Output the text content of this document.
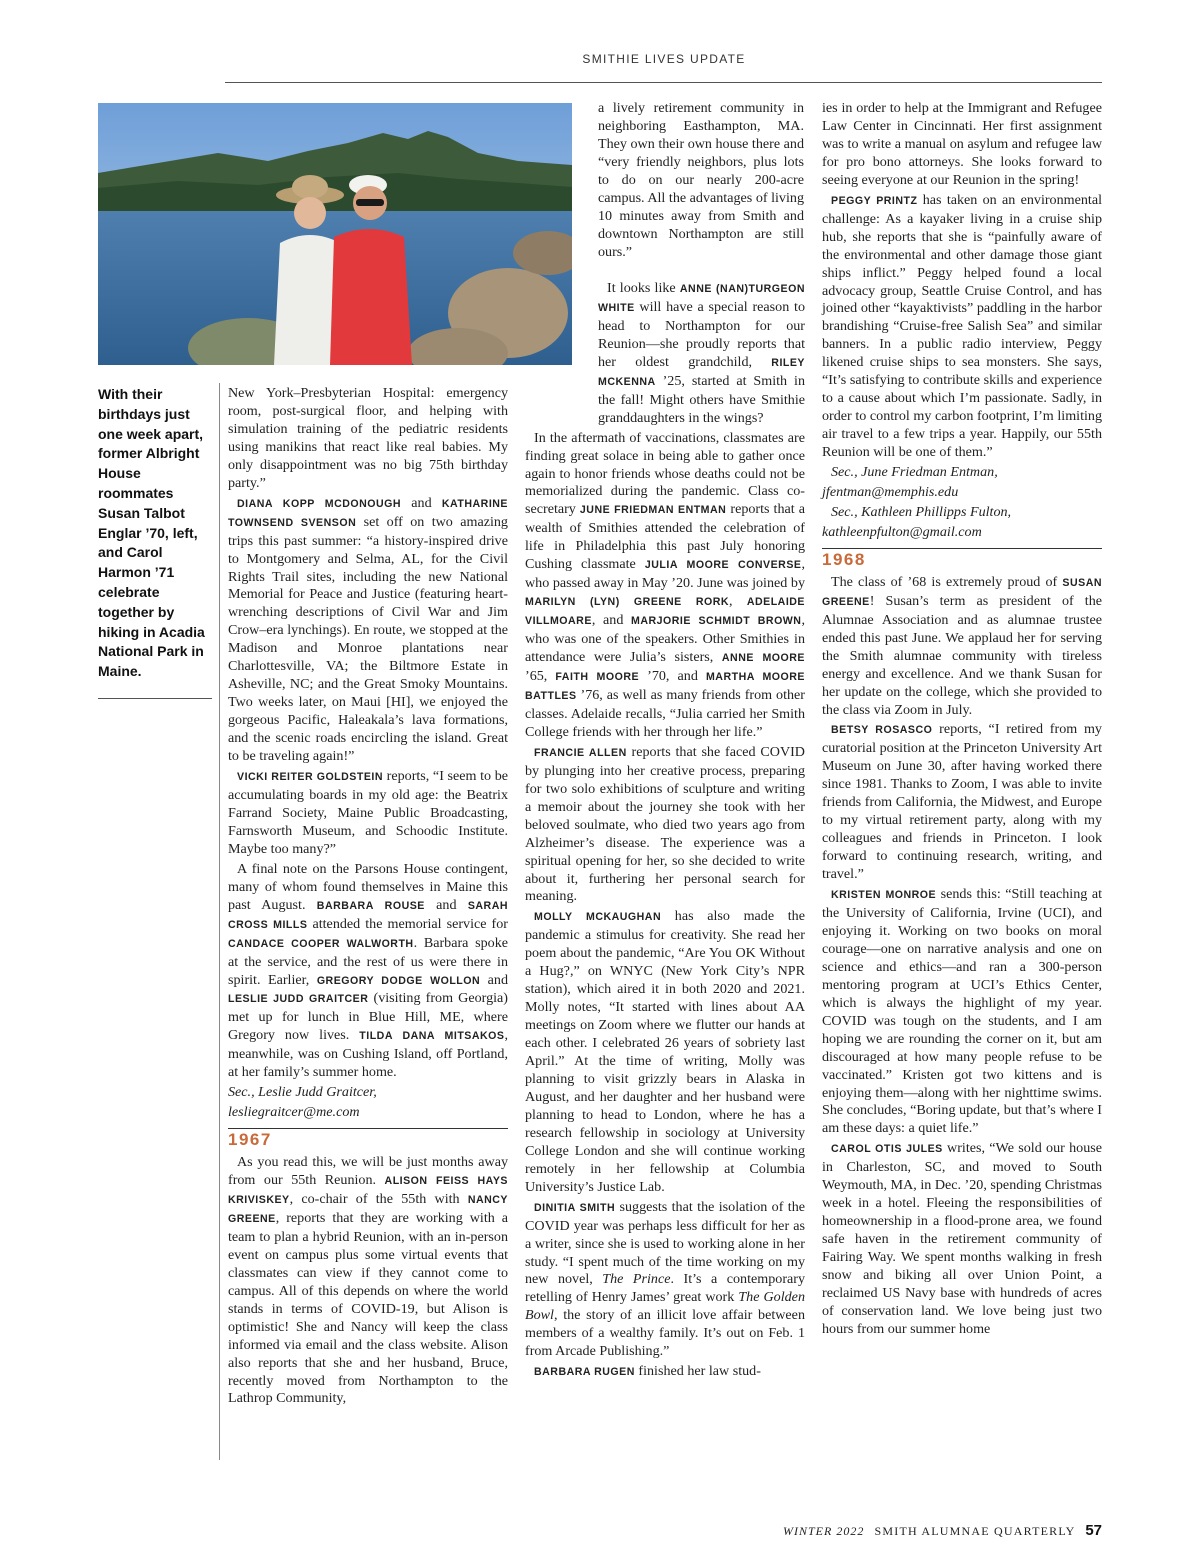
SMITHIE LIVES UPDATE
With their birthdays just one week apart, former Albright House roommates Susan Talbot Englar ’70, left, and Carol Harmon ’71 celebrate together by hiking in Acadia National Park in Maine.

New York–Presbyterian Hospital: emergency room, post-surgical floor, and helping with simulation training of the pediatric residents using manikins that react like real babies. My only disappointment was no big 75th birthday party.”

DIANA KOPP MCDONOUGH and KATHARINE TOWNSEND SVENSON set off on two amazing trips this past summer: “a history-inspired drive to Montgomery and Selma, AL, for the Civil Rights Trail sites, including the new National Memorial for Peace and Justice (featuring heart-wrenching descriptions of Civil War and Jim Crow–era lynchings). En route, we stopped at the Madison and Monroe plantations near Charlottesville, VA; the Biltmore Estate in Asheville, NC; and the Great Smoky Mountains. Two weeks later, on Maui [HI], we enjoyed the gorgeous Pacific, Haleakala’s lava formations, and the scenic roads encircling the island. Great to be traveling again!”

VICKI REITER GOLDSTEIN reports, “I seem to be accumulating boards in my old age: the Beatrix Farrand Society, Maine Public Broadcasting, Farnsworth Museum, and Schoodic Institute. Maybe too many?”

A final note on the Parsons House contingent, many of whom found themselves in Maine this past August. BARBARA ROUSE and SARAH CROSS MILLS attended the memorial service for CANDACE COOPER WALWORTH. Barbara spoke at the service, and the rest of us were there in spirit. Earlier, GREGORY DODGE WOLLON and LESLIE JUDD GRAITCER (visiting from Georgia) met up for lunch in Blue Hill, ME, where Gregory now lives. TILDA DANA MITSAKOS, meanwhile, was on Cushing Island, off Portland, at her family’s summer home.

Sec., Leslie Judd Graitcer,

lesliegraitcer@me.com

1967

As you read this, we will be just months away from our 55th Reunion. ALISON FEISS HAYS KRIVISKEY, co-chair of the 55th with NANCY GREENE, reports that they are working with a team to plan a hybrid Reunion, with an in-person event on campus plus some virtual events that classmates can view if they cannot come to campus. All of this depends on where the world stands in terms of COVID-19, but Alison is optimistic! She and Nancy will keep the class informed via email and the class website. Alison also reports that she and her husband, Bruce, recently moved from Northampton to the Lathrop Community,

a lively retirement community in neighboring Easthampton, MA. They own their own house there and “very friendly neighbors, plus lots to do on our nearly 200-acre campus. All the advantages of living 10 minutes away from Smith and downtown Northampton are still ours.”

It looks like ANNE (NAN)TURGEON WHITE will have a special reason to head to Northampton for our Reunion—she proudly reports that her oldest grandchild, RILEY MCKENNA ’25, started at Smith in the fall! Might others have Smithie granddaughters in the wings?

In the aftermath of vaccinations, classmates are finding great solace in being able to gather once again to honor friends whose deaths could not be memorialized during the pandemic. Class co-secretary JUNE FRIEDMAN ENTMAN reports that a wealth of Smithies attended the celebration of life in Philadelphia this past July honoring Cushing classmate JULIA MOORE CONVERSE, who passed away in May ’20. June was joined by MARILYN (LYN) GREENE RORK, ADELAIDE VILLMOARE, and MARJORIE SCHMIDT BROWN, who was one of the speakers. Other Smithies in attendance were Julia’s sisters, ANNE MOORE ’65, FAITH MOORE ’70, and MARTHA MOORE BATTLES ’76, as well as many friends from other classes. Adelaide recalls, “Julia carried her Smith College friends with her through her life.”

FRANCIE ALLEN reports that she faced COVID by plunging into her creative process, preparing for two solo exhibitions of sculpture and writing a memoir about the journey she took with her beloved soulmate, who died two years ago from Alzheimer’s disease. The experience was a spiritual opening for her, so she decided to write about it, furthering her personal search for meaning.

MOLLY MCKAUGHAN has also made the pandemic a stimulus for creativity. She read her poem about the pandemic, “Are You OK Without a Hug?,” on WNYC (New York City’s NPR station), which aired it in both 2020 and 2021. Molly notes, “It started with lines about AA meetings on Zoom where we flutter our hands at each other. I celebrated 26 years of sobriety last April.” At the time of writing, Molly was planning to visit grizzly bears in Alaska in August, and her daughter and her husband were planning to head to London, where he has a research fellowship in sociology at University College London and she will continue working remotely in her fellowship at Columbia University’s Justice Lab.

DINITIA SMITH suggests that the isolation of the COVID year was perhaps less difficult for her as a writer, since she is used to working alone in her study. “I spent much of the time working on my new novel, The Prince. It’s a contemporary retelling of Henry James’ great work The Golden Bowl, the story of an illicit love affair between members of a wealthy family. It’s out on Feb. 1 from Arcade Publishing.”

BARBARA RUGEN finished her law stud-

ies in order to help at the Immigrant and Refugee Law Center in Cincinnati. Her first assignment was to write a manual on asylum and refugee law for pro bono attorneys. She looks forward to seeing everyone at our Reunion in the spring!

PEGGY PRINTZ has taken on an environmental challenge: As a kayaker living in a cruise ship hub, she reports that she is “painfully aware of the environmental and other damage those giant ships inflict.” Peggy helped found a local advocacy group, Seattle Cruise Control, and has joined other “kayaktivists” paddling in the harbor brandishing “Cruise-free Salish Sea” and similar banners. In a public radio interview, Peggy likened cruise ships to sea monsters. She says, “It’s satisfying to contribute skills and experience to a cause about which I’m passionate. Sadly, in order to control my carbon footprint, I’m limiting air travel to a few trips a year. Happily, our 55th Reunion will be one of them.”

Sec., June Friedman Entman,

jfentman@memphis.edu

Sec., Kathleen Phillipps Fulton,

kathleenpfulton@gmail.com

1968

The class of ’68 is extremely proud of SUSAN GREENE! Susan’s term as president of the Alumnae Association and as alumnae trustee ended this past June. We applaud her for serving the Smith alumnae community with tireless energy and excellence. And we thank Susan for her update on the college, which she provided to the class via Zoom in July.

BETSY ROSASCO reports, “I retired from my curatorial position at the Princeton University Art Museum on June 30, after having worked there since 1981. Thanks to Zoom, I was able to invite friends from California, the Midwest, and Europe to my virtual retirement party, along with my colleagues and friends in Princeton. I look forward to continuing research, writing, and travel.”

KRISTEN MONROE sends this: “Still teaching at the University of California, Irvine (UCI), and enjoying it. Working on two books on moral courage—one on narrative analysis and one on science and ethics—and ran a 300-person mentoring program at UCI’s Ethics Center, which is always the highlight of my year. COVID was tough on the students, and I am hoping we are rounding the corner on it, but am discouraged at how many people refuse to be vaccinated.” Kristen got two kittens and is enjoying them—along with her nighttime swims. She concludes, “Boring update, but that’s where I am these days: a quiet life.”

CAROL OTIS JULES writes, “We sold our house in Charleston, SC, and moved to South Weymouth, MA, in Dec. ’20, spending Christmas week in a hotel. Fleeing the responsibilities of homeownership in a flood-prone area, we found safe haven in the retirement community of Fairing Way. We spent months walking in fresh snow and biking all over Union Point, a reclaimed US Navy base with hundreds of acres of conservation land. We love being just two hours from our summer home

WINTER 2022 SMITH ALUMNAE QUARTERLY 57
